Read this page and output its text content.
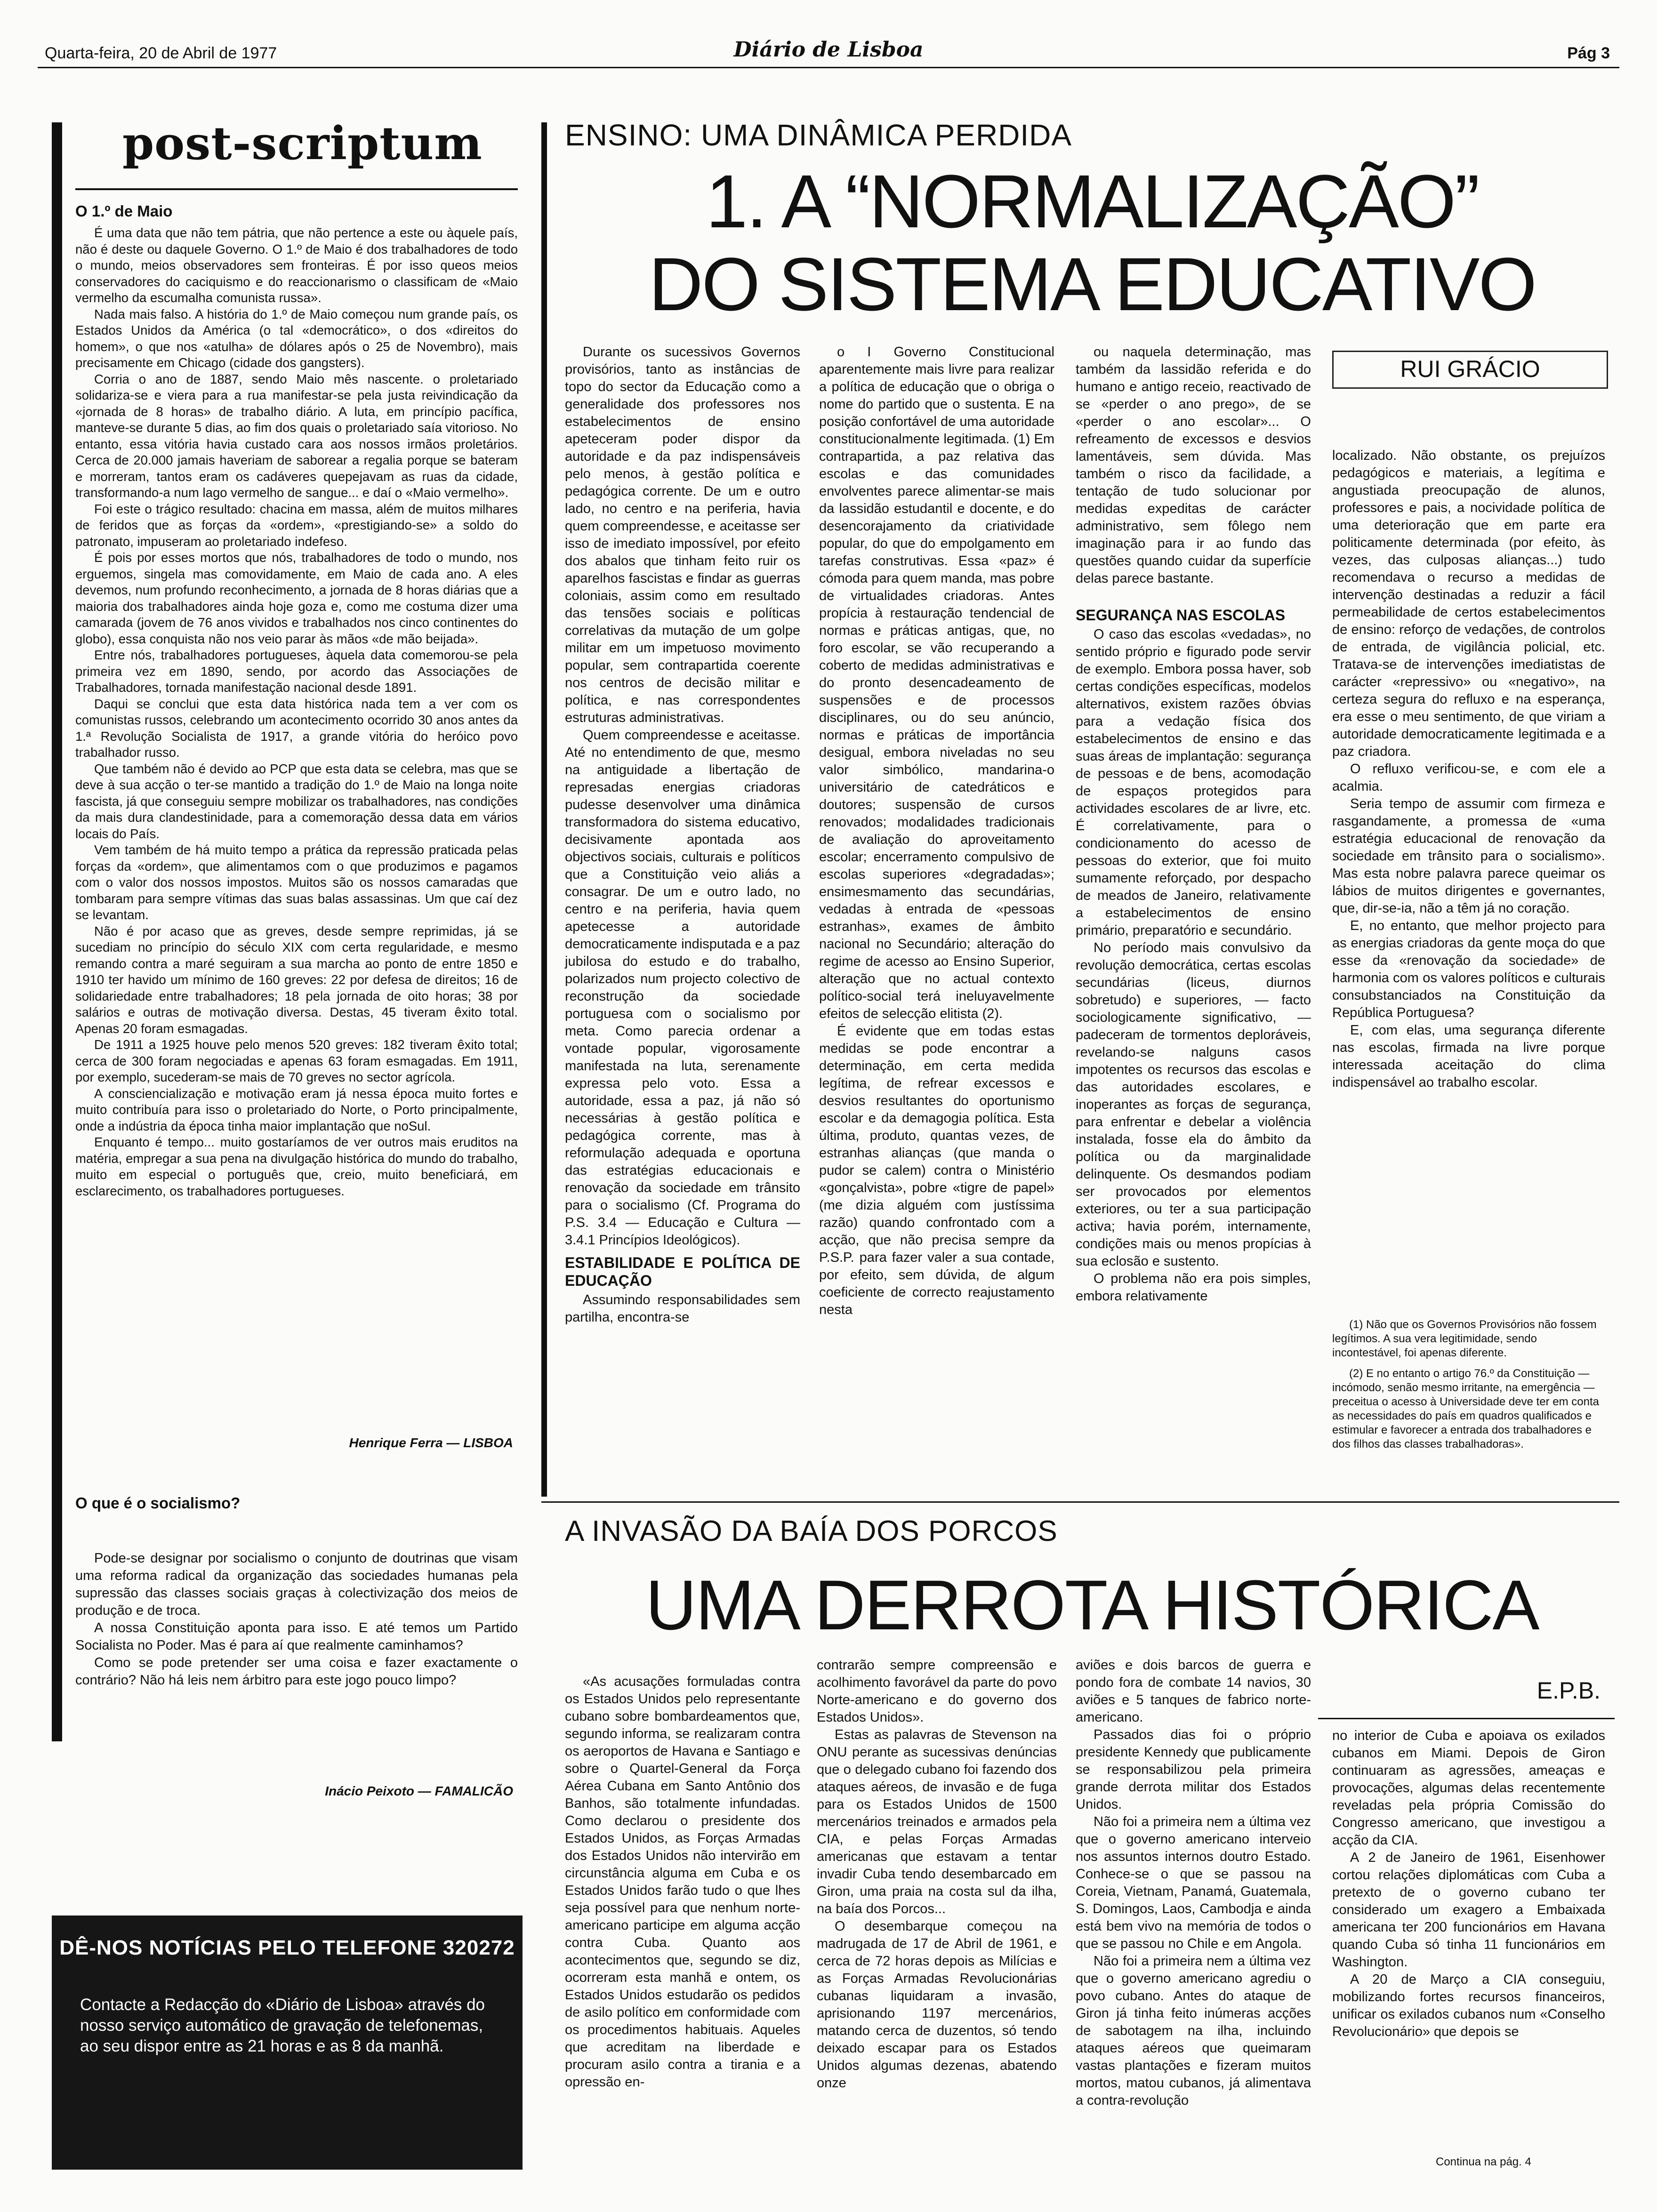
Quarta-feira, 20 de Abril de 1977	Diário de Lisboa	Pág 3
post-scriptum
O 1.º de Maio

É uma data que não tem pátria, que não pertence a este ou àquele país, não é deste ou daquele Governo. O 1.º de Maio é dos trabalhadores de todo o mundo, meios observadores sem fronteiras. É por isso queos meios conservadores do caciquismo e do reaccionarismo o classificam de «Maio vermelho da escumalha comunista russa».

Nada mais falso. A história do 1.º de Maio começou num grande país, os Estados Unidos da América (o tal «democrático», o dos «direitos do homem», o que nos «atulha» de dólares após o 25 de Novembro), mais precisamente em Chicago (cidade dos gangsters).

Corria o ano de 1887, sendo Maio mês nascente. o proletariado solidariza-se e viera para a rua manifestar-se pela justa reivindicação da «jornada de 8 horas» de trabalho diário. A luta, em princípio pacífica, manteve-se durante 5 dias, ao fim dos quais o proletariado saía vitorioso. No entanto, essa vitória havia custado cara aos nossos irmãos proletários. Cerca de 20.000 jamais haveriam de saborear a regalia porque se bateram e morreram, tantos eram os cadáveres quepejavam as ruas da cidade, transformando-a num lago vermelho de sangue... e daí o «Maio vermelho».

Foi este o trágico resultado: chacina em massa, além de muitos milhares de feridos que as forças da «ordem», «prestigiando-se» a soldo do patronato, impuseram ao proletariado indefeso.

É pois por esses mortos que nós, trabalhadores de todo o mundo, nos erguemos, singela mas comovidamente, em Maio de cada ano. A eles devemos, num profundo reconhecimento, a jornada de 8 horas diárias que a maioria dos trabalhadores ainda hoje goza e, como me costuma dizer uma camarada (jovem de 76 anos vividos e trabalhados nos cinco continentes do globo), essa conquista não nos veio parar às mãos «de mão beijada».

Entre nós, trabalhadores portugueses, àquela data comemorou-se pela primeira vez em 1890, sendo, por acordo das Associações de Trabalhadores, tornada manifestação nacional desde 1891.

Daqui se conclui que esta data histórica nada tem a ver com os comunistas russos, celebrando um acontecimento ocorrido 30 anos antes da 1.ª Revolução Socialista de 1917, a grande vitória do heróico povo trabalhador russo.

Que também não é devido ao PCP que esta data se celebra, mas que se deve à sua acção o ter-se mantido a tradição do 1.º de Maio na longa noite fascista, já que conseguiu sempre mobilizar os trabalhadores, nas condições da mais dura clandestinidade, para a comemoração dessa data em vários locais do País.

Vem também de há muito tempo a prática da repressão praticada pelas forças da «ordem», que alimentamos com o que produzimos e pagamos com o valor dos nossos impostos. Muitos são os nossos camaradas que tombaram para sempre vítimas das suas balas assassinas. Um que caí dez se levantam.

Não é por acaso que as greves, desde sempre reprimidas, já se sucediam no princípio do século XIX com certa regularidade, e mesmo remando contra a maré seguiram a sua marcha ao ponto de entre 1850 e 1910 ter havido um mínimo de 160 greves: 22 por defesa de direitos; 16 de solidariedade entre trabalhadores; 18 pela jornada de oito horas; 38 por salários e outras de motivação diversa. Destas, 45 tiveram êxito total. Apenas 20 foram esmagadas.

De 1911 a 1925 houve pelo menos 520 greves: 182 tiveram êxito total; cerca de 300 foram negociadas e apenas 63 foram esmagadas. Em 1911, por exemplo, sucederam-se mais de 70 greves no sector agrícola.

A consciencialização e motivação eram já nessa época muito fortes e muito contribuía para isso o proletariado do Norte, o Porto principalmente, onde a indústria da época tinha maior implantação que noSul.

Enquanto é tempo... muito gostaríamos de ver outros mais eruditos na matéria, empregar a sua pena na divulgação histórica do mundo do trabalho, muito em especial o português que, creio, muito beneficiará, em esclarecimento, os trabalhadores portugueses.

Henrique Ferra — LISBOA
O que é o socialismo?

Pode-se designar por socialismo o conjunto de doutrinas que visam uma reforma radical da organização das sociedades humanas pela supressão das classes sociais graças à colectivização dos meios de produção e de troca.

A nossa Constituição aponta para isso. E até temos um Partido Socialista no Poder. Mas é para aí que realmente caminhamos?

Como se pode pretender ser uma coisa e fazer exactamente o contrário? Não há leis nem árbitro para este jogo pouco limpo?

Inácio Peixoto — FAMALICÃO
DÊ-NOS NOTÍCIAS PELO TELEFONE 320272
Contacte a Redacção do «Diário de Lisboa» através do nosso serviço automático de gravação de telefonemas, ao seu dispor entre as 21 horas e as 8 da manhã.
ENSINO: UMA DINÂMICA PERDIDA
1. A “NORMALIZAÇÃO”
DO SISTEMA EDUCATIVO

Durante os sucessivos Governos provisórios, tanto as instâncias de topo do sector da Educação como a generalidade dos professores nos estabelecimentos de ensino apeteceram poder dispor da autoridade e da paz indispensáveis pelo menos, à gestão política e pedagógica corrente. De um e outro lado, no centro e na periferia, havia quem compreendesse, e aceitasse ser isso de imediato impossível, por efeito dos abalos que tinham feito ruir os aparelhos fascistas e findar as guerras coloniais, assim como em resultado das tensões sociais e políticas correlativas da mutação de um golpe militar em um impetuoso movimento popular, sem contrapartida coerente nos centros de decisão militar e política, e nas correspondentes estruturas administrativas.

Quem compreendesse e aceitasse. Até no entendimento de que, mesmo na antiguidade a libertação de represadas energias criadoras pudesse desenvolver uma dinâmica transformadora do sistema educativo, decisivamente apontada aos objectivos sociais, culturais e políticos que a Constituição veio aliás a consagrar. De um e outro lado, no centro e na periferia, havia quem apetecesse a autoridade democraticamente indisputada e a paz jubilosa do estudo e do trabalho, polarizados num projecto colectivo de reconstrução da sociedade portuguesa com o socialismo por meta. Como parecia ordenar a vontade popular, vigorosamente manifestada na luta, serenamente expressa pelo voto. Essa a autoridade, essa a paz, já não só necessárias à gestão política e pedagógica corrente, mas à reformulação adequada e oportuna das estratégias educacionais e renovação da sociedade em trânsito para o socialismo (Cf. Programa do P.S. 3.4 — Educação e Cultura — 3.4.1 Princípios Ideológicos).

ESTABILIDADE E POLÍTICA DE EDUCAÇÃO

Assumindo responsabilidades sem partilha, encontra-se

o I Governo Constitucional aparentemente mais livre para realizar a política de educação que o obriga o nome do partido que o sustenta. E na posição confortável de uma autoridade constitucionalmente legitimada. (1) Em contrapartida, a paz relativa das escolas e das comunidades envolventes parece alimentar-se mais da lassidão estudantil e docente, e do desencorajamento da criatividade popular, do que do empolgamento em tarefas construtivas. Essa «paz» é cómoda para quem manda, mas pobre de virtualidades criadoras. Antes propícia à restauração tendencial de normas e práticas antigas, que, no foro escolar, se vão recuperando a coberto de medidas administrativas e do pronto desencadeamento de suspensões e de processos disciplinares, ou do seu anúncio, normas e práticas de importância desigual, embora niveladas no seu valor simbólico, mandarina-o universitário de catedráticos e doutores; suspensão de cursos renovados; modalidades tradicionais de avaliação do aproveitamento escolar; encerramento compulsivo de escolas superiores «degradadas»; ensimesmamento das secundárias, vedadas à entrada de «pessoas estranhas», exames de âmbito nacional no Secundário; alteração do regime de acesso ao Ensino Superior, alteração que no actual contexto político-social terá ineluyavelmente efeitos de selecção elitista (2).

É evidente que em todas estas medidas se pode encontrar a determinação, em certa medida legítima, de refrear excessos e desvios resultantes do oportunismo escolar e da demagogia política. Esta última, produto, quantas vezes, de estranhas alianças (que manda o pudor se calem) contra o Ministério «gonçalvista», pobre «tigre de papel» (me dizia alguém com justíssima razão) quando confrontado com a acção, que não precisa sempre da P.S.P. para fazer valer a sua contade, por efeito, sem dúvida, de algum coeficiente de correcto reajustamento nesta

ou naquela determinação, mas também da lassidão referida e do humano e antigo receio, reactivado de se «perder o ano prego», de se «perder o ano escolar»... O refreamento de excessos e desvios lamentáveis, sem dúvida. Mas também o risco da facilidade, a tentação de tudo solucionar por medidas expeditas de carácter administrativo, sem fôlego nem imaginação para ir ao fundo das questões quando cuidar da superfície delas parece bastante.

SEGURANÇA NAS ESCOLAS

O caso das escolas «vedadas», no sentido próprio e figurado pode servir de exemplo. Embora possa haver, sob certas condições específicas, modelos alternativos, existem razões óbvias para a vedação física dos estabelecimentos de ensino e das suas áreas de implantação: segurança de pessoas e de bens, acomodação de espaços protegidos para actividades escolares de ar livre, etc. É correlativamente, para o condicionamento do acesso de pessoas do exterior, que foi muito sumamente reforçado, por despacho de meados de Janeiro, relativamente a estabelecimentos de ensino primário, preparatório e secundário.

No período mais convulsivo da revolução democrática, certas escolas secundárias (liceus, diurnos sobretudo) e superiores, — facto sociologicamente significativo, — padeceram de tormentos deploráveis, revelando-se nalguns casos impotentes os recursos das escolas e das autoridades escolares, e inoperantes as forças de segurança, para enfrentar e debelar a violência instalada, fosse ela do âmbito da política ou da marginalidade delinquente. Os desmandos podiam ser provocados por elementos exteriores, ou ter a sua participação activa; havia porém, internamente, condições mais ou menos propícias à sua eclosão e sustento.

O problema não era pois simples, embora relativamente

RUI GRÁCIO

localizado. Não obstante, os prejuízos pedagógicos e materiais, a legítima e angustiada preocupação de alunos, professores e pais, a nocividade política de uma deterioração que em parte era politicamente determinada (por efeito, às vezes, das culposas alianças...) tudo recomendava o recurso a medidas de intervenção destinadas a reduzir a fácil permeabilidade de certos estabelecimentos de ensino: reforço de vedações, de controlos de entrada, de vigilância policial, etc. Tratava-se de intervenções imediatistas de carácter «repressivo» ou «negativo», na certeza segura do refluxo e na esperança, era esse o meu sentimento, de que viriam a autoridade democraticamente legitimada e a paz criadora.

O refluxo verificou-se, e com ele a acalmia.

Seria tempo de assumir com firmeza e rasgandamente, a promessa de «uma estratégia educacional de renovação da sociedade em trânsito para o socialismo». Mas esta nobre palavra parece queimar os lábios de muitos dirigentes e governantes, que, dir-se-ia, não a têm já no coração.

E, no entanto, que melhor projecto para as energias criadoras da gente moça do que esse da «renovação da sociedade» de harmonia com os valores políticos e culturais consubstanciados na Constituição da República Portuguesa?

E, com elas, uma segurança diferente nas escolas, firmada na livre porque interessada aceitação do clima indispensável ao trabalho escolar.

(1) Não que os Governos Provisórios não fossem legítimos. A sua vera legitimidade, sendo incontestável, foi apenas diferente.

(2) E no entanto o artigo 76.º da Constituição — incómodo, senão mesmo irritante, na emergência — preceitua o acesso à Universidade deve ter em conta as necessidades do país em quadros qualificados e estimular e favorecer a entrada dos trabalhadores e dos filhos das classes trabalhadoras».

A INVASÃO DA BAÍA DOS PORCOS
UMA DERROTA HISTÓRICA
E.P.B.

«As acusações formuladas contra os Estados Unidos pelo representante cubano sobre bombardeamentos que, segundo informa, se realizaram contra os aeroportos de Havana e Santiago e sobre o Quartel-General da Força Aérea Cubana em Santo Antônio dos Banhos, são totalmente infundadas. Como declarou o presidente dos Estados Unidos, as Forças Armadas dos Estados Unidos não intervirão em circunstância alguma em Cuba e os Estados Unidos farão tudo o que lhes seja possível para que nenhum norte-americano participe em alguma acção contra Cuba. Quanto aos acontecimentos que, segundo se diz, ocorreram esta manhã e ontem, os Estados Unidos estudarão os pedidos de asilo político em conformidade com os procedimentos habituais. Aqueles que acreditam na liberdade e procuram asilo contra a tirania e a opressão en-

contrarão sempre compreensão e acolhimento favorável da parte do povo Norte-americano e do governo dos Estados Unidos».

Estas as palavras de Stevenson na ONU perante as sucessivas denúncias que o delegado cubano foi fazendo dos ataques aéreos, de invasão e de fuga para os Estados Unidos de 1500 mercenários treinados e armados pela CIA, e pelas Forças Armadas americanas que estavam a tentar invadir Cuba tendo desembarcado em Giron, uma praia na costa sul da ilha, na baía dos Porcos...

O desembarque começou na madrugada de 17 de Abril de 1961, e cerca de 72 horas depois as Milícias e as Forças Armadas Revolucionárias cubanas liquidaram a invasão, aprisionando 1197 mercenários, matando cerca de duzentos, só tendo deixado escapar para os Estados Unidos algumas dezenas, abatendo onze

aviões e dois barcos de guerra e pondo fora de combate 14 navios, 30 aviões e 5 tanques de fabrico norte-americano.

Passados dias foi o próprio presidente Kennedy que publicamente se responsabilizou pela primeira grande derrota militar dos Estados Unidos.

Não foi a primeira nem a última vez que o governo americano interveio nos assuntos internos doutro Estado. Conhece-se o que se passou na Coreia, Vietnam, Panamá, Guatemala, S. Domingos, Laos, Cambodja e ainda está bem vivo na memória de todos o que se passou no Chile e em Angola.

Não foi a primeira nem a última vez que o governo americano agrediu o povo cubano. Antes do ataque de Giron já tinha feito inúmeras acções de sabotagem na ilha, incluindo ataques aéreos que queimaram vastas plantações e fizeram muitos mortos, matou cubanos, já alimentava a contra-revolução

no interior de Cuba e apoiava os exilados cubanos em Miami. Depois de Giron continuaram as agressões, ameaças e provocações, algumas delas recentemente reveladas pela própria Comissão do Congresso americano, que investigou a acção da CIA.

A 2 de Janeiro de 1961, Eisenhower cortou relações diplomáticas com Cuba a pretexto de o governo cubano ter considerado um exagero a Embaixada americana ter 200 funcionários em Havana quando Cuba só tinha 11 funcionários em Washington.

A 20 de Março a CIA conseguiu, mobilizando fortes recursos financeiros, unificar os exilados cubanos num «Conselho Revolucionário» que depois se

Continua na pág. 4
